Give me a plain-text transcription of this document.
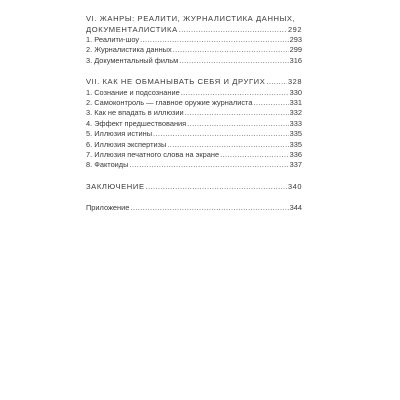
VI. ЖАНРЫ: РЕАЛИТИ, ЖУРНАЛИСТИКА ДАННЫХ,
ДОКУМЕНТАЛИСТИКА .....	292
1. Реалити-шоу .....	293
2. Журналистика данных .....	299
3. Документальный фильм .....	316
VII. КАК НЕ ОБМАНЫВАТЬ СЕБЯ И ДРУГИХ .....	328
1. Сознание и подсознание .....	330
2. Самоконтроль — главное оружие журналиста .....	331
3. Как не впадать в иллюзии .....	332
4. Эффект предшествования .....	333
5. Иллюзия истины .....	335
6. Иллюзия экспертизы .....	335
7. Иллюзия печатного слова на экране .....	336
8. Фактоиды .....	337
ЗАКЛЮЧЕНИЕ .....	340
Приложение .....	344
